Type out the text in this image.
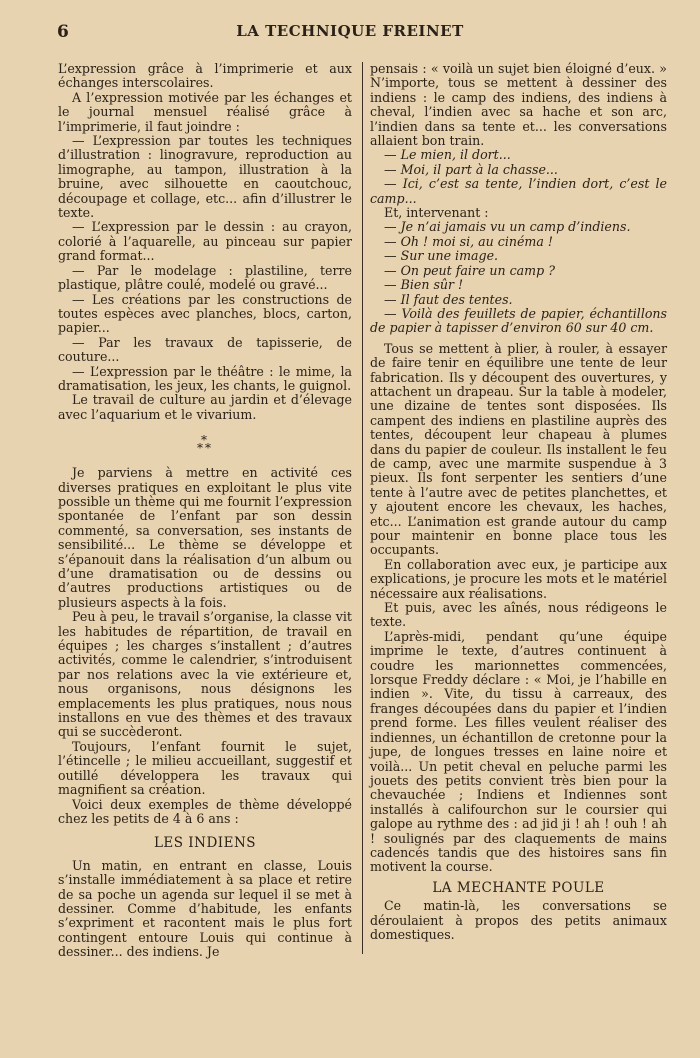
6	LA TECHNIQUE FREINET

L’expression grâce à l’imprimerie et aux échanges interscolaires.

A l’expression motivée par les échanges et le journal mensuel réalisé grâce à l’imprimerie, il faut joindre :

— L’expression par toutes les techniques d’illustration : linogravure, reproduction au limographe, au tampon, illustration à la bruine, avec silhouette en caoutchouc, découpage et collage, etc... afin d’illustrer le texte.

— L’expression par le dessin : au crayon, colorié à l’aquarelle, au pinceau sur papier grand format...

— Par le modelage : plastiline, terre plastique, plâtre coulé, modelé ou gravé...

— Les créations par les constructions de toutes espèces avec planches, blocs, carton, papier...

— Par les travaux de tapisserie, de couture...

— L’expression par le théâtre : le mime, la dramatisation, les jeux, les chants, le guignol.

Le travail de culture au jardin et d’élevage avec l’aquarium et le vivarium.

*
**

Je parviens à mettre en activité ces diverses pratiques en exploitant le plus vite possible un thème qui me fournit l’expression spontanée de l’enfant par son dessin commenté, sa conversation, ses instants de sensibilité... Le thème se développe et s’épanouit dans la réalisation d’un album ou d’une dramatisation ou de dessins ou d’autres productions artistiques ou de plusieurs aspects à la fois.

Peu à peu, le travail s’organise, la classe vit les habitudes de répartition, de travail en équipes ; les charges s’installent ; d’autres activités, comme le calendrier, s’introduisent par nos relations avec la vie extérieure et, nous organisons, nous désignons les emplacements les plus pratiques, nous nous installons en vue des thèmes et des travaux qui se succèderont.

Toujours, l’enfant fournit le sujet, l’étincelle ; le milieu accueillant, suggestif et outillé développera les travaux qui magnifient sa création.

Voici deux exemples de thème développé chez les petits de 4 à 6 ans :

LES INDIENS

Un matin, en entrant en classe, Louis s’installe immédiatement à sa place et retire de sa poche un agenda sur lequel il se met à dessiner. Comme d’habitude, les enfants s’expriment et racontent mais le plus fort contingent entoure Louis qui continue à dessiner... des indiens. Je

pensais : « voilà un sujet bien éloigné d’eux. » N’importe, tous se mettent à dessiner des indiens : le camp des indiens, des indiens à cheval, l’indien avec sa hache et son arc, l’indien dans sa tente et... les conversations allaient bon train.

— Le mien, il dort...

— Moi, il part à la chasse...

— Ici, c’est sa tente, l’indien dort, c’est le camp...

Et, intervenant :

— Je n’ai jamais vu un camp d’indiens.

— Oh ! moi si, au cinéma !

— Sur une image.

— On peut faire un camp ?

— Bien sûr !

— Il faut des tentes.

— Voilà des feuillets de papier, échantillons de papier à tapisser d’environ 60 sur 40 cm.

Tous se mettent à plier, à rouler, à essayer de faire tenir en équilibre une tente de leur fabrication. Ils y découpent des ouvertures, y attachent un drapeau. Sur la table à modeler, une dizaine de tentes sont disposées. Ils campent des indiens en plastiline auprès des tentes, découpent leur chapeau à plumes dans du papier de couleur. Ils installent le feu de camp, avec une marmite suspendue à 3 pieux. Ils font serpenter les sentiers d’une tente à l’autre avec de petites planchettes, et y ajoutent encore les chevaux, les haches, etc... L’animation est grande autour du camp pour maintenir en bonne place tous les occupants.

En collaboration avec eux, je participe aux explications, je procure les mots et le matériel nécessaire aux réalisations.

Et puis, avec les aînés, nous rédigeons le texte.

L’après-midi, pendant qu’une équipe imprime le texte, d’autres continuent à coudre les marionnettes commencées, lorsque Freddy déclare : « Moi, je l’habille en indien ». Vite, du tissu à carreaux, des franges découpées dans du papier et l’indien prend forme. Les filles veulent réaliser des indiennes, un échantillon de cretonne pour la jupe, de longues tresses en laine noire et voilà... Un petit cheval en peluche parmi les jouets des petits convient très bien pour la chevauchée ; Indiens et Indiennes sont installés à califourchon sur le coursier qui galope au rythme des : ad jid ji ! ah ! ouh ! ah ! soulignés par des claquements de mains cadencés tandis que des histoires sans fin motivent la course.

LA MECHANTE POULE

Ce matin-là, les conversations se déroulaient à propos des petits animaux domestiques.
